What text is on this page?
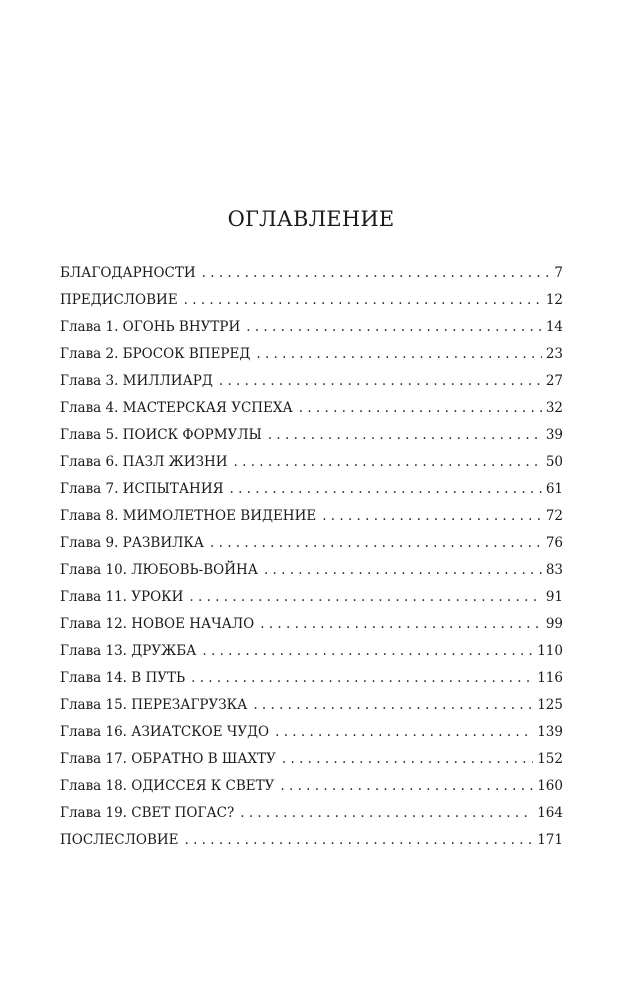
ОГЛАВЛЕНИЕ
БЛАГОДАРНОСТИ . . .	7
ПРЕДИСЛОВИЕ . . .	12
Глава 1. ОГОНЬ ВНУТРИ . . .	14
Глава 2. БРОСОК ВПЕРЕД . . .	23
Глава 3. МИЛЛИАРД . . .	27
Глава 4. МАСТЕРСКАЯ УСПЕХА . . .	32
Глава 5. ПОИСК ФОРМУЛЫ . . .	39
Глава 6. ПАЗЛ ЖИЗНИ . . .	50
Глава 7. ИСПЫТАНИЯ . . .	61
Глава 8. МИМОЛЕТНОЕ ВИДЕНИЕ . . .	72
Глава 9. РАЗВИЛКА . . .	76
Глава 10. ЛЮБОВЬ-ВОЙНА . . .	83
Глава 11. УРОКИ . . .	91
Глава 12. НОВОЕ НАЧАЛО . . .	99
Глава 13. ДРУЖБА . . .	110
Глава 14. В ПУТЬ . . .	116
Глава 15. ПЕРЕЗАГРУЗКА . . .	125
Глава 16. АЗИАТСКОЕ ЧУДО . . .	139
Глава 17. ОБРАТНО В ШАХТУ . . .	152
Глава 18. ОДИССЕЯ К СВЕТУ . . .	160
Глава 19. СВЕТ ПОГАС? . . .	164
ПОСЛЕСЛОВИЕ . . .	171
